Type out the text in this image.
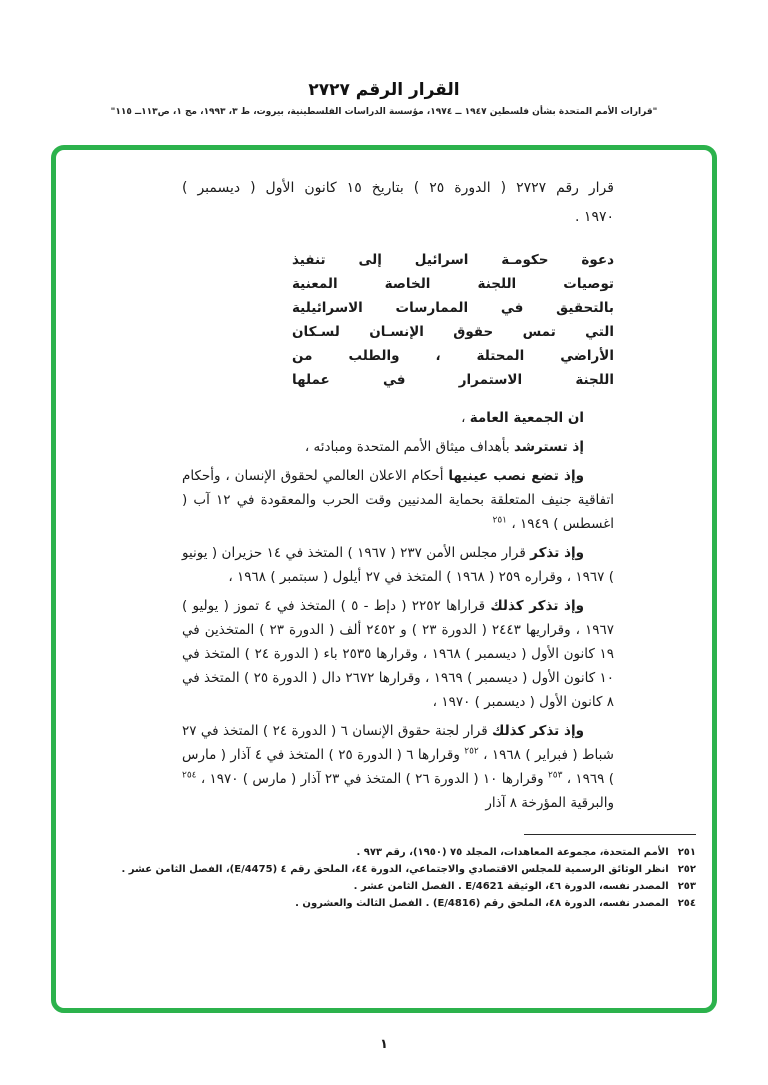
القرار الرقم ٢٧٢٧
"قرارات الأمم المتحدة بشأن فلسطين ١٩٤٧ ــ ١٩٧٤، مؤسسة الدراسات الفلسطينية، بيروت، ط ٣، ١٩٩٣، مج ١، ص١١٣ــ ١١٥"
قرار رقم ٢٧٢٧ ( الدورة ٢٥ ) بتاريخ ١٥ كانون الأول ( ديسمبر )
١٩٧٠ .
دعوة حكومـة اسرائيل إلى تنفيذ
توصيات اللجنة الخاصة المعنية
بالتحقيق في الممارسات الاسرائيلية
التي تمس حقوق الإنسـان لسـكان
الأراضي المحتلة ، والطلب من
اللجنة الاستمرار في عملها

ان الجمعية العامة ،

إذ تسترشد بأهداف ميثاق الأمم المتحدة ومبادئه ،

وإذ تضع نصب عينيها أحكام الاعلان العالمي لحقوق الإنسان ، وأحكام اتفاقية جنيف المتعلقة بحماية المدنيين وقت الحرب والمعقودة في ١٢ آب ( اغسطس ) ١٩٤٩ ، $^{٢٥١}$

وإذ تذكر قرار مجلس الأمن ٢٣٧ ( ١٩٦٧ ) المتخذ في ١٤ حزيران ( يونيو ) ١٩٦٧ ، وقراره ٢٥٩ ( ١٩٦٨ ) المتخذ في ٢٧ أيلول ( سبتمبر ) ١٩٦٨ ،

وإذ تذكر كذلك قراراها ٢٢٥٢ ( دإط - ٥ ) المتخذ في ٤ تموز ( يوليو ) ١٩٦٧ ، وقراريها ٢٤٤٣ ( الدورة ٢٣ ) و ٢٤٥٢ ألف ( الدورة ٢٣ ) المتخذين في ١٩ كانون الأول ( ديسمبر ) ١٩٦٨ ، وقرارها ٢٥٣٥ باء ( الدورة ٢٤ ) المتخذ في ١٠ كانون الأول ( ديسمبر ) ١٩٦٩ ، وقرارها ٢٦٧٢ دال ( الدورة ٢٥ ) المتخذ في ٨ كانون الأول ( ديسمبر ) ١٩٧٠ ،

وإذ تذكر كذلك قرار لجنة حقوق الإنسان ٦ ( الدورة ٢٤ ) المتخذ في ٢٧ شباط ( فبراير ) ١٩٦٨ ، $^{٢٥٢}$ وقرارها ٦ ( الدورة ٢٥ ) المتخذ في ٤ آذار ( مارس ) ١٩٦٩ ، $^{٢٥٣}$ وقرارها ١٠ ( الدورة ٢٦ ) المتخذ في ٢٣ آذار ( مارس ) ١٩٧٠ ، $^{٢٥٤}$ والبرقية المؤرخة ٨ آذار

٢٥١الأمم المتحدة، مجموعة المعاهدات، المجلد ٧٥ (١٩٥٠)، رقم ٩٧٣ .
٢٥٢انظر الوثائق الرسمية للمجلس الاقتصادي والاجتماعي، الدورة ٤٤، الملحق رقم ٤ (E/4475)، الفصل الثامن عشر .
٢٥٣المصدر نفسه، الدورة ٤٦، الوثيقة E/4621 . الفصل الثامن عشر .
٢٥٤المصدر نفسه، الدورة ٤٨، الملحق رقم (E/4816) . الفصل الثالث والعشرون .
١
